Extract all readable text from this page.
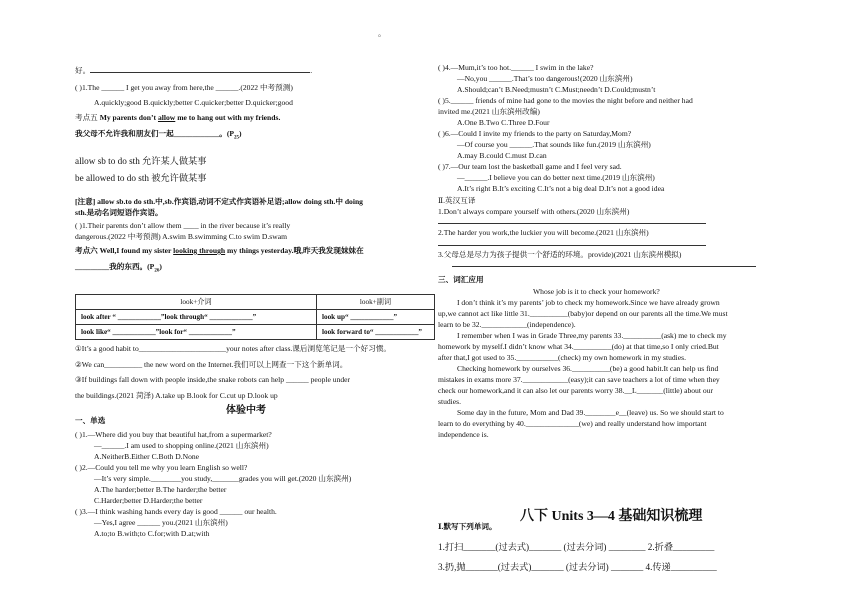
。
好。	.
( )1.The ______ I get you away from here,the ______.(2022 中考预测)
A.quickly;good B.quickly;better C.quicker;better D.quicker;good
考点五 My parents don’t allow me to hang out with my friends.
我父母不允许我和朋友们一起____________。$(P_{25})$
allow sb to do sth 允许某人做某事
be allowed to do sth 被允许做某事
[注意] allow sb.to do sth.中,sb.作宾语,动词不定式作宾语补足语;allow doing sth.中 doing
sth.是动名词短语作宾语。
( )1.Their parents don’t allow them ____ in the river because it’s really
dangerous.(2022 中考预测) A.swim B.swimming C.to swim D.swam
考点六 Well,I found my sister looking through my things yesterday.哦,昨天我发现妹妹在
_________我的东西。$(P_{26})$
look+介词	look+副词
look after “ ____________”look through“ ____________”	look up“ ____________”
look like“ ____________”look for“ ____________”	look forward to“ ____________”
①It’s a good habit to_______________________your notes after class.课后浏览笔记是一个好习惯。
②We can__________ the new word on the Internet.我们可以上网查一下这个新单词。
③If buildings fall down with people inside,the snake robots can help ______ people under
the buildings.(2021 菏泽) A.take up B.look for C.cut up D.look up
体验中考
一、单选
( )1.—Where did you buy that beautiful hat,from a supermarket?
—______.I am used to shopping online.(2021 山东滨州)
A.NeitherB.Either C.Both D.None
( )2.—Could you tell me why you learn English so well?
—It’s very simple.________you study,_______grades you will get.(2020 山东滨州)
A.The harder;better B.The harder;the better
C.Harder;better D.Harder;the better
( )3.—I think washing hands every day is good ______ our health.
—Yes,I agree ______ you.(2021 山东滨州)
A.to;to B.with;to C.for;with D.at;with
( )4.—Mum,it’s too hot.______ I swim in the lake?
—No,you ______.That’s too dangerous!(2020 山东滨州)
A.Should;can’t B.Need;mustn’t C.Must;needn’t D.Could;mustn’t
( )5.______ friends of mine had gone to the movies the night before and neither had
invited me.(2021 山东滨州改编)
A.One B.Two C.Three D.Four
( )6.—Could I invite my friends to the party on Saturday,Mom?
—Of course you ______.That sounds like fun.(2019 山东滨州)
A.may B.could C.must D.can
( )7.—Our team lost the basketball game and I feel very sad.
—______.I believe you can do better next time.(2019 山东滨州)
A.It’s right B.It’s exciting C.It’s not a big deal D.It’s not a good idea
Ⅱ.英汉互译
1.Don’t always compare yourself with others.(2020 山东滨州)
2.The harder you work,the luckier you will become.(2021 山东滨州)
3.父母总是尽力为孩子提供一个舒适的环境。provide)(2021 山东滨州模拟)
三、词汇应用
Whose job is it to check your homework?
I don’t think it’s my parents’ job to check my homework.Since we have already grown
up,we cannot act like little 31.__________(baby)or depend on our parents all the time.We must
learn to be 32.____________(independence).
I remember when I was in Grade Three,my parents 33.__________(ask) me to check my
homework by myself.I didn’t know what 34.__________(do) at that time,so I only cried.But
after that,I got used to 35.___________(check) my own homework in my studies.
Checking homework by ourselves 36.__________(be) a good habit.It can help us find
mistakes in exams more 37.____________(easy);it can save teachers a lot of time when they
check our homework,and it can also let our parents worry 38.__L_______(little) about our
studies.
Some day in the future, Mom and Dad 39.________e__(leave) us. So we should start to
learn to do everything by 40.______________(we) and really understand how important
independence is.
八下 Units 3—4 基础知识梳理
Ⅰ.默写下列单词。
1.打扫_______(过去式)_______ (过去分词) ________ 2.折叠_________
3.扔,抛_______(过去式)_______ (过去分词) _______ 4.传递__________
